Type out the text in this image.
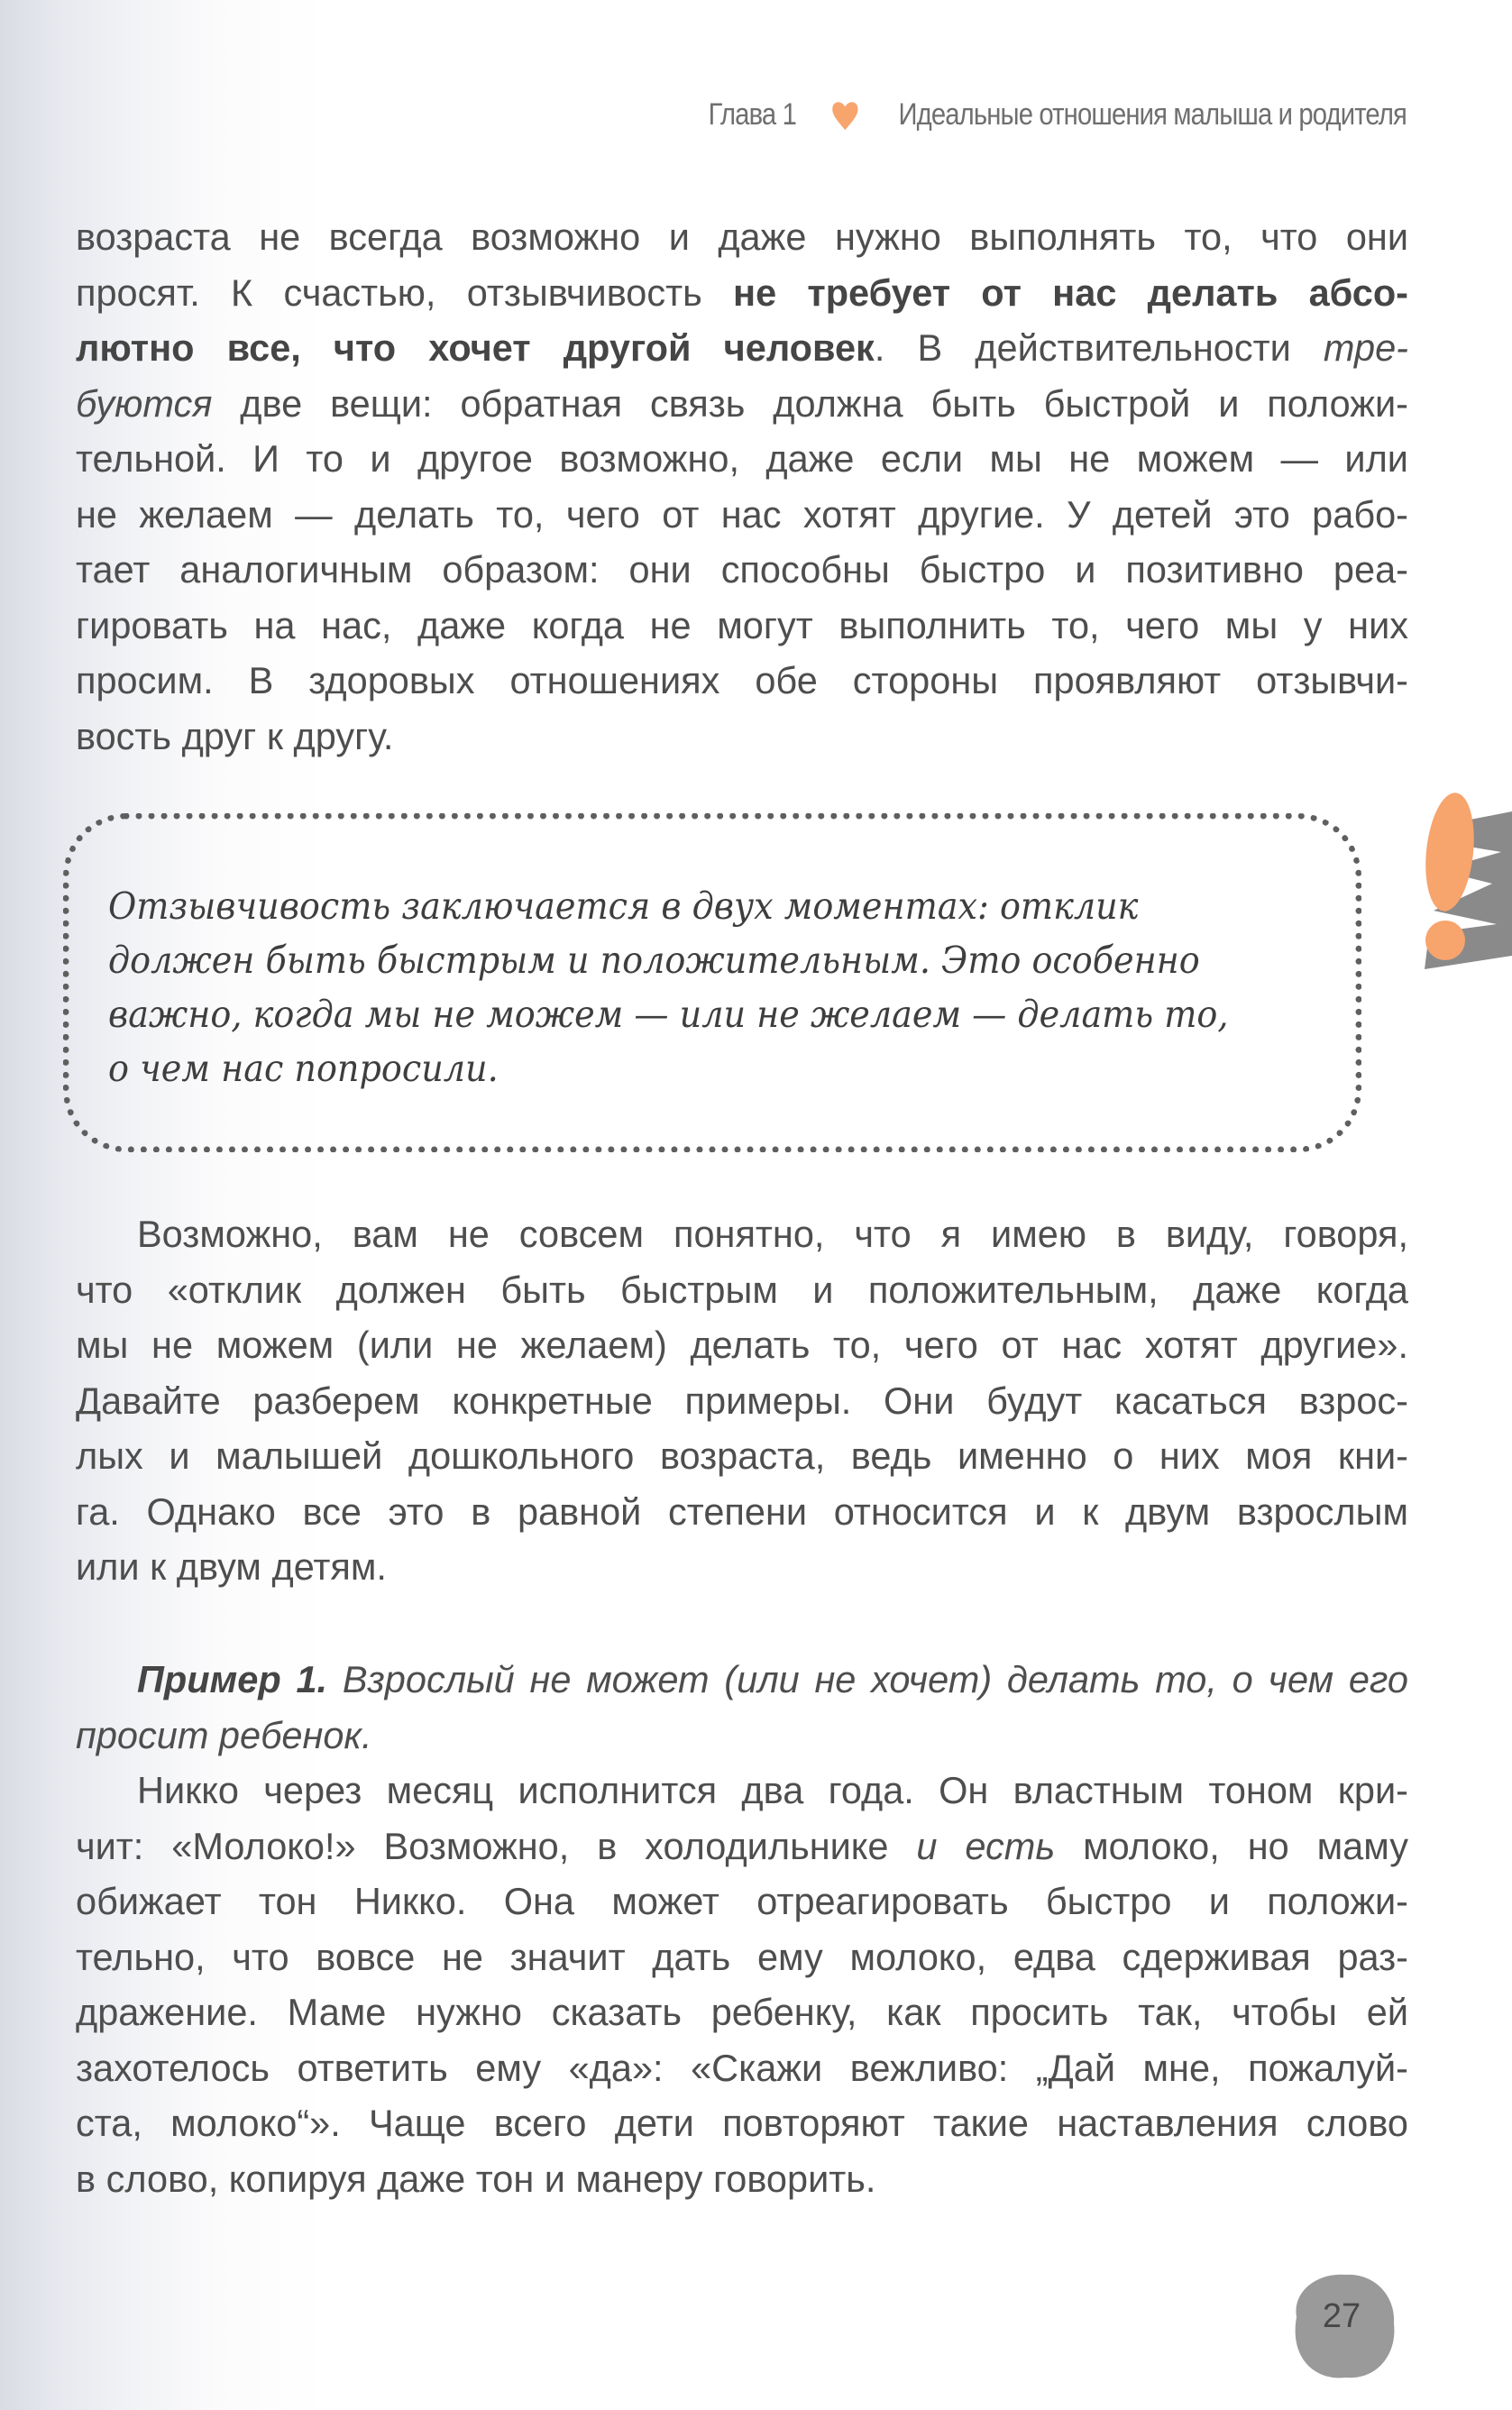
Глава 1	Идеальные отношения малыша и родителя
возраста не всегда возможно и даже нужно выполнять то, что они
просят. К счастью, отзывчивость не требует от нас делать абсо-
лютно все, что хочет другой человек. В действительности тре-
буются две вещи: обратная связь должна быть быстрой и положи-
тельной. И то и другое возможно, даже если мы не можем — или
не желаем — делать то, чего от нас хотят другие. У детей это рабо-
тает аналогичным образом: они способны быстро и позитивно реа-
гировать на нас, даже когда не могут выполнить то, чего мы у них
просим. В здоровых отношениях обе стороны проявляют отзывчи-
вость друг к другу.
Отзывчивость заключается в двух моментах: отклик
должен быть быстрым и положительным. Это особенно
важно, когда мы не можем — или не желаем — делать то,
о чем нас попросили.
Возможно, вам не совсем понятно, что я имею в виду, говоря,
что «отклик должен быть быстрым и положительным, даже когда
мы не можем (или не желаем) делать то, чего от нас хотят другие».
Давайте разберем конкретные примеры. Они будут касаться взрос-
лых и малышей дошкольного возраста, ведь именно о них моя кни-
га. Однако все это в равной степени относится и к двум взрослым
или к двум детям.
Пример 1. Взрослый не может (или не хочет) делать то, о чем его
просит ребенок.
Никко через месяц исполнится два года. Он властным тоном кри-
чит: «Молоко!» Возможно, в холодильнике и есть молоко, но маму
обижает тон Никко. Она может отреагировать быстро и положи-
тельно, что вовсе не значит дать ему молоко, едва сдерживая раз-
дражение. Маме нужно сказать ребенку, как просить так, чтобы ей
захотелось ответить ему «да»: «Скажи вежливо: „Дай мне, пожалуй-
ста, молоко“». Чаще всего дети повторяют такие наставления слово
в слово, копируя даже тон и манеру говорить.
27
